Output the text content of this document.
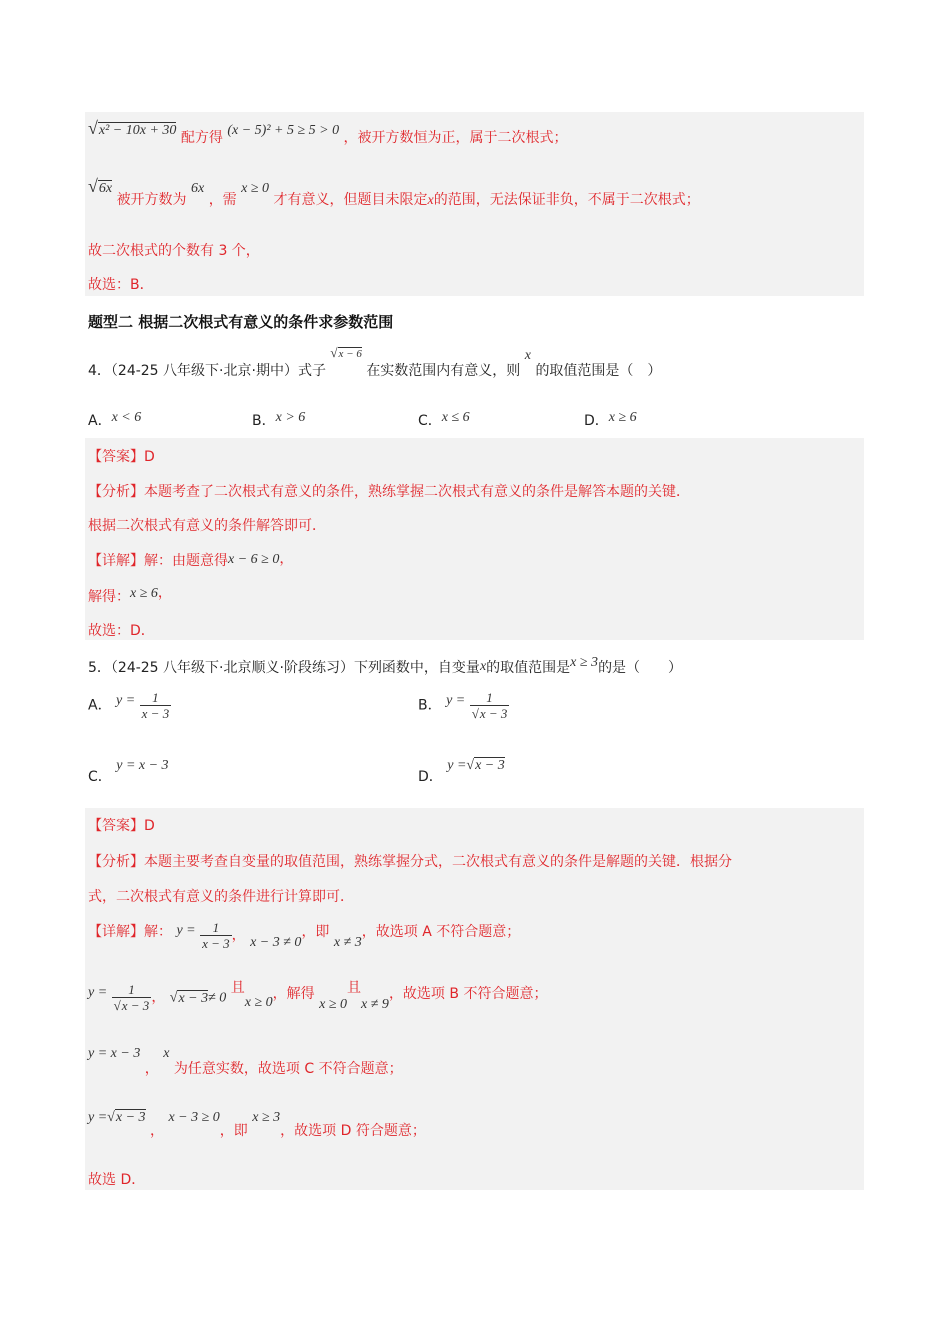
√x² − 10x + 30 配方得 (x − 5)² + 5 ≥ 5 > 0 ，被开方数恒为正，属于二次根式；
√6x 被开方数为 6x ，需 x ≥ 0 才有意义，但题目未限定x的范围，无法保证非负，不属于二次根式；
故二次根式的个数有 3 个，
故选：B．
题型二 根据二次根式有意义的条件求参数范围
4．（24-25 八年级下·北京·期中）式子 √x − 6 在实数范围内有意义，则 x 的取值范围是（　）
A．x < 6	B．x > 6	C．x ≤ 6	D．x ≥ 6
【答案】D
【分析】本题考查了二次根式有意义的条件，熟练掌握二次根式有意义的条件是解答本题的关键．
根据二次根式有意义的条件解答即可．
【详解】解：由题意得x − 6 ≥ 0，
解得：x ≥ 6，
故选：D．
5．（24-25 八年级下·北京顺义·阶段练习）下列函数中，自变量x的取值范围是x ≥ 3的是（　　）
A． $y = \frac{1}{x - 3}$	B． $y = \frac{1}{√x - 3}$
C． y = x − 3
D． y =√x − 3
【答案】D
【分析】本题主要考查自变量的取值范围，熟练掌握分式，二次根式有意义的条件是解题的关键．根据分
式，二次根式有意义的条件进行计算即可．
【详解】解： $y = \frac{1}{x - 3}$ ， x − 3 ≠ 0，即 x ≠ 3，故选项 A 不符合题意；
$y = \frac{1}{√x - 3}$ ， √x − 3≠ 0 且x ≥ 0，解得 x ≥ 0且x ≠ 9，故选项 B 不符合题意；
y = x − 3 ， x 为任意实数，故选项 C 不符合题意；
y =√x − 3 ， x − 3 ≥ 0，即 x ≥ 3，故选项 D 符合题意；
故选 D．
